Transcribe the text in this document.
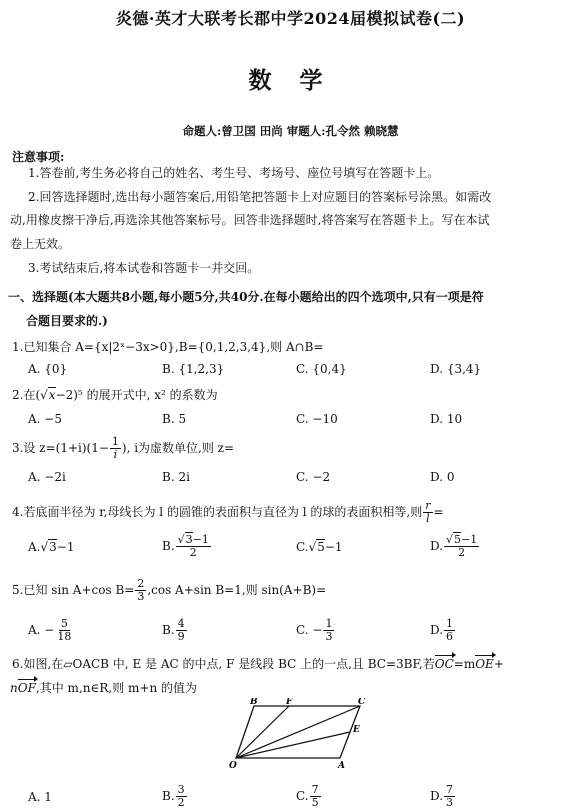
炎德·英才大联考长郡中学2024届模拟试卷(二)
数 学
命题人:曾卫国 田尚 审题人:孔令然 赖晓慧
注意事项:
1.答卷前,考生务必将自己的姓名、考生号、考场号、座位号填写在答题卡上。
2.回答选择题时,选出每小题答案后,用铅笔把答题卡上对应题目的答案标号涂黑。如需改
动,用橡皮擦干净后,再选涂其他答案标号。回答非选择题时,将答案写在答题卡上。写在本试
卷上无效。
3.考试结束后,将本试卷和答题卡一并交回。
一、选择题(本大题共8小题,每小题5分,共40分.在每小题给出的四个选项中,只有一项是符
合题目要求的.)
1.已知集合 A={x|2ˣ−3x>0},B={0,1,2,3,4},则 A∩B=
A. {0}	B. {1,2,3}	C. {0,4}	D. {3,4}
2.在(√x−2)⁵ 的展开式中, x² 的系数为
A. −5	B. 5	C. −10	D. 10
3.设 $z=(1+i)(1- \frac{1}{i}$ ), i为虚数单位,则 z=
A. −2i	B. 2i	C. −2	D. 0
4.若底面半径为 r,母线长为 l 的圆锥的表面积与直径为 l 的球的表面积相等,则 $\frac{r}{l}$ =
A.√3−1	B. $\frac{√3-1}{2}$	C.√5−1	D. $\frac{√5-1}{2}$
5.已知 sin A+cos $B= \frac{2}{3} ,\cos$ A+sin B=1,则 sin(A+B)=
A. − $\frac{5}{18}$	B. $\frac{4}{9}$	C. − $\frac{1}{3}$	D. $\frac{1}{6}$
6.如图,在▱OACB 中, E 是 AC 的中点, F 是线段 BC 上的一点,且 BC=3BF,若OC=mOE+
nOF,其中 m,n∈R,则 m+n 的值为
B	F	C
E
O	A
A. 1	B. $\frac{3}{2}$	C. $\frac{7}{5}$	D. $\frac{7}{3}$
